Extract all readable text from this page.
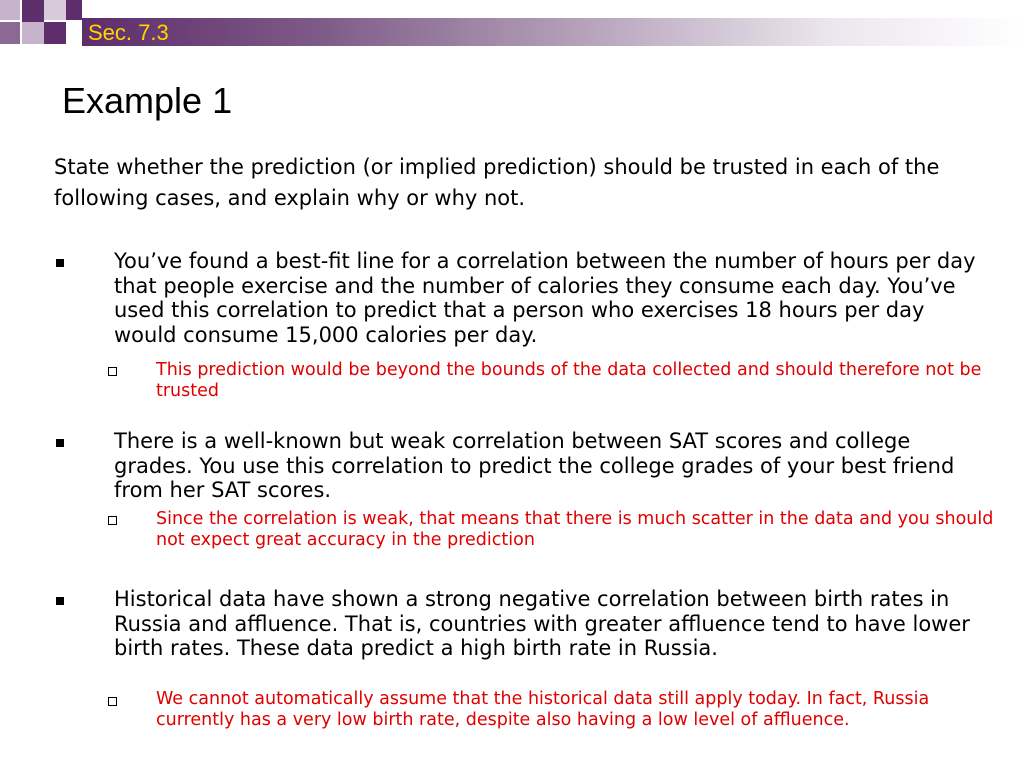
Sec. 7.3
Example 1
State whether the prediction (or implied prediction) should be trusted in each of the following cases, and explain why or why not.
You’ve found a best-fit line for a correlation between the number of hours per day that people exercise and the number of calories they consume each day. You’ve used this correlation to predict that a person who exercises 18 hours per day would consume 15,000 calories per day.
This prediction would be beyond the bounds of the data collected and should therefore not be trusted
There is a well-known but weak correlation between SAT scores and college grades. You use this correlation to predict the college grades of your best friend from her SAT scores.
Since the correlation is weak, that means that there is much scatter in the data and you should not expect great accuracy in the prediction
Historical data have shown a strong negative correlation between birth rates in Russia and affluence. That is, countries with greater affluence tend to have lower birth rates. These data predict a high birth rate in Russia.
We cannot automatically assume that the historical data still apply today. In fact, Russia currently has a very low birth rate, despite also having a low level of affluence.
